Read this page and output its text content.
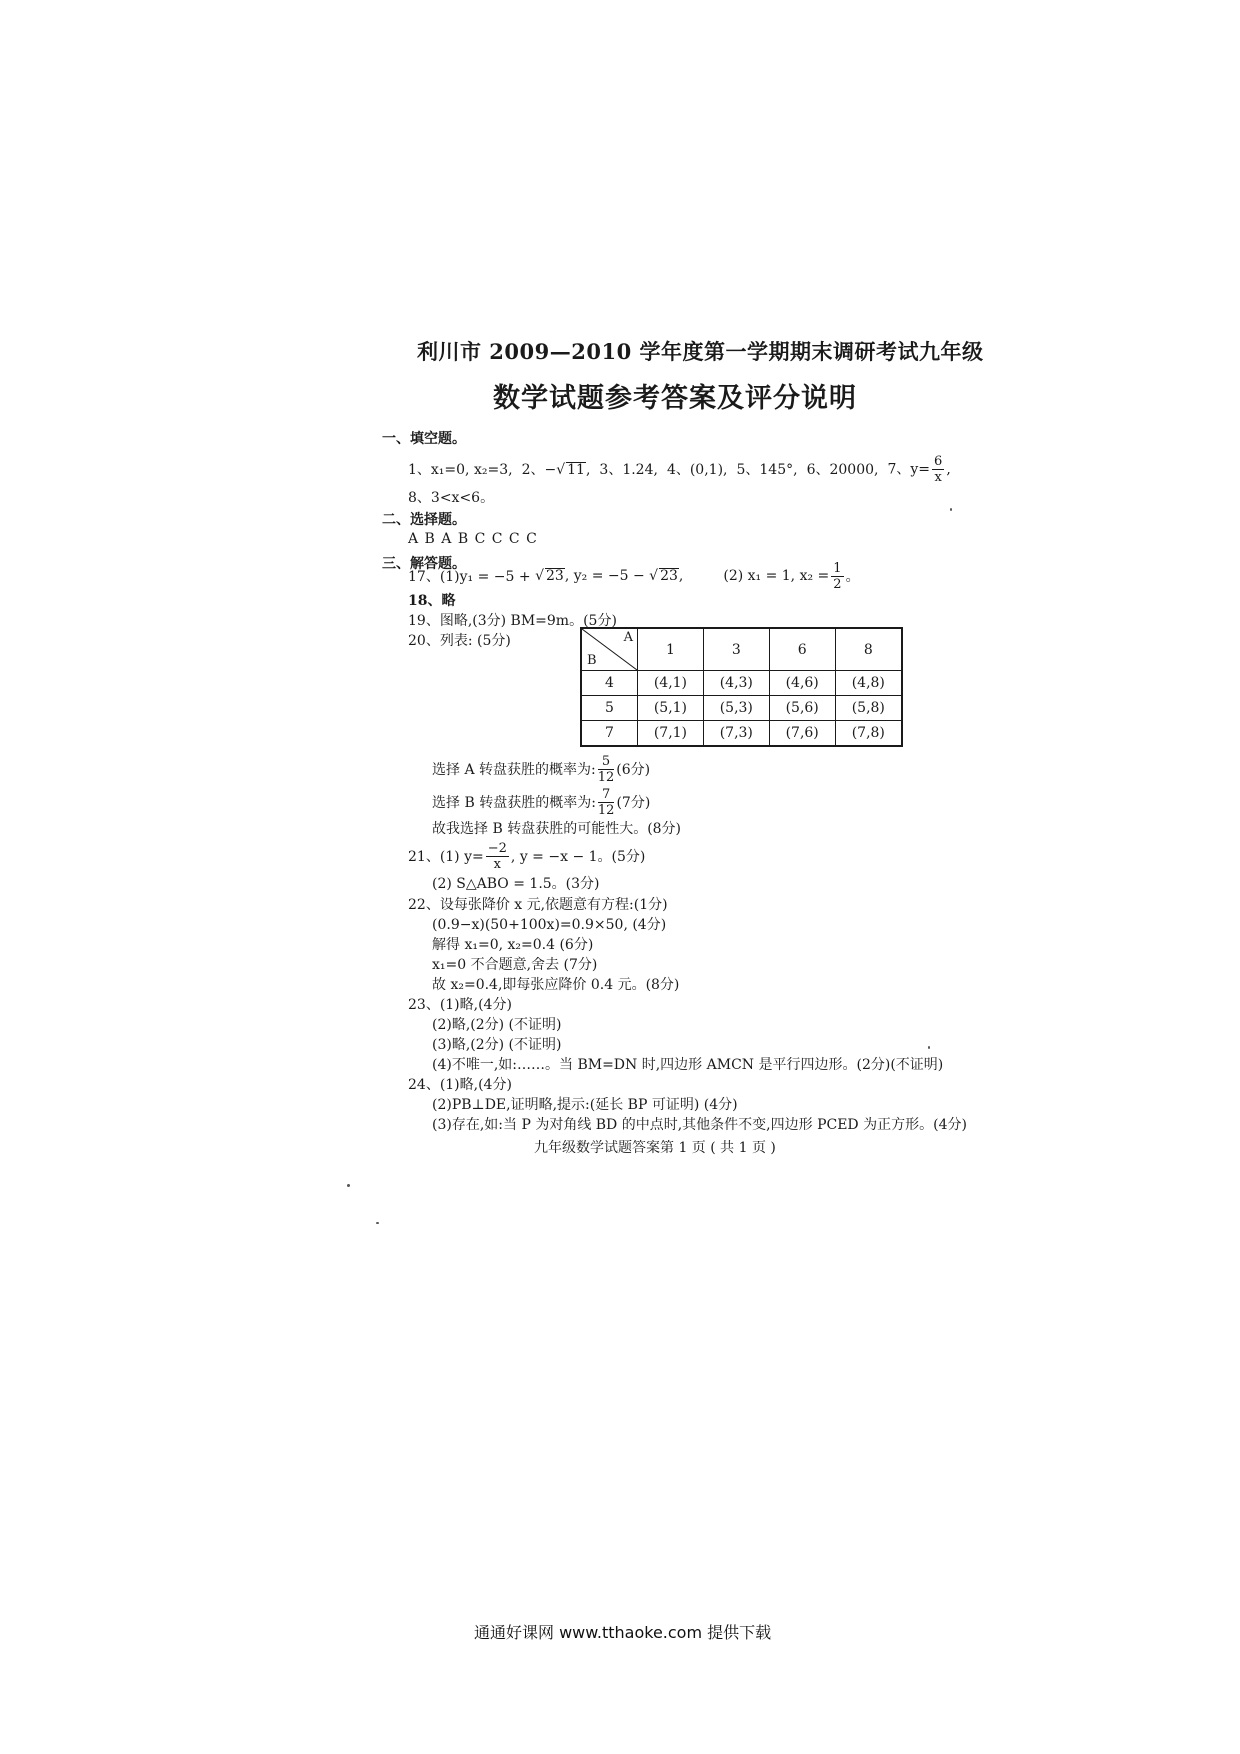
利川市 2009—2010 学年度第一学期期末调研考试九年级
数学试题参考答案及评分说明
一、填空题。
1、x₁=0, x₂=3, 2、−√ 11, 3、1.24, 4、(0,1), 5、145°, 6、20000, 7、$y= \frac{6}{x}$ ,
8、3<x<6。
二、选择题。
A B A B C C C C
三、解答题。
17、(1)y₁ = −5 + √ 23 , y₂ = −5 − √ 23 ,	(2) x₁ = 1, $x_2 = \frac{1}{2}$ 。
18、略
19、图略,(3分) BM=9m。(5分)
20、列表: (5分)	A
B	1	3	6	8
4	(4,1)	(4,3)	(4,6)	(4,8)
5	(5,1)	(5,3)	(5,6)	(5,8)
7	(7,1)	(7,3)	(7,6)	(7,8)
选择 A 转盘获胜的概率为: $\frac{5}{12} (6$分)
选择 B 转盘获胜的概率为: $\frac{7}{12} (7$分)
故我选择 B 转盘获胜的可能性大。(8分)
21、(1) $y= \frac{-2}{x}$ , y = −x − 1。(5分)
(2) S△ABO = 1.5。(3分)
22、设每张降价 x 元,依题意有方程:(1分)
(0.9−x)(50+100x)=0.9×50, (4分)
解得 x₁=0, x₂=0.4 (6分)
x₁=0 不合题意,舍去 (7分)
故 x₂=0.4,即每张应降价 0.4 元。(8分)
23、(1)略,(4分)
(2)略,(2分) (不证明)
(3)略,(2分) (不证明)
(4)不唯一,如:……。当 BM=DN 时,四边形 AMCN 是平行四边形。(2分)(不证明)
24、(1)略,(4分)
(2)PB⊥DE,证明略,提示:(延长 BP 可证明) (4分)
(3)存在,如:当 P 为对角线 BD 的中点时,其他条件不变,四边形 PCED 为正方形。(4分)
九年级数学试题答案第 1 页 ( 共 1 页 )
通通好课网 www.tthaoke.com 提供下载
